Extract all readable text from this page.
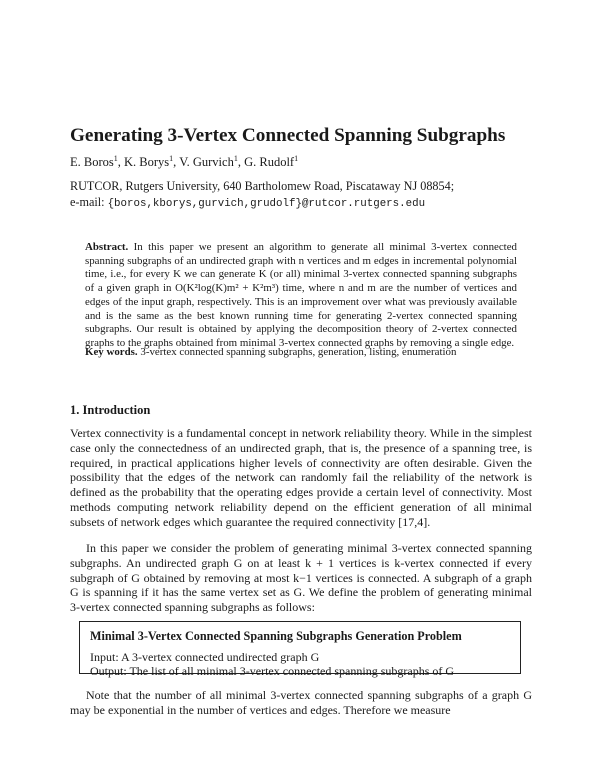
Generating 3-Vertex Connected Spanning Subgraphs
E. Boros$^1$, K. Borys$^1$, V. Gurvich$^1$, G. Rudolf$^1$
RUTCOR, Rutgers University, 640 Bartholomew Road, Piscataway NJ 08854;
e-mail: {boros,kborys,gurvich,grudolf}@rutcor.rutgers.edu
Abstract. In this paper we present an algorithm to generate all minimal 3-vertex connected spanning subgraphs of an undirected graph with n vertices and m edges in incremental polynomial time, i.e., for every K we can generate K (or all) minimal 3-vertex connected spanning subgraphs of a given graph in O(K²log(K)m² + K²m³) time, where n and m are the number of vertices and edges of the input graph, respectively. This is an improvement over what was previously available and is the same as the best known running time for generating 2-vertex connected spanning subgraphs. Our result is obtained by applying the decomposition theory of 2-vertex connected graphs to the graphs obtained from minimal 3-vertex connected graphs by removing a single edge.
Key words. 3-vertex connected spanning subgraphs, generation, listing, enumeration
1. Introduction
Vertex connectivity is a fundamental concept in network reliability theory. While in the simplest case only the connectedness of an undirected graph, that is, the presence of a spanning tree, is required, in practical applications higher levels of connectivity are often desirable. Given the possibility that the edges of the network can randomly fail the reliability of the network is defined as the probability that the operating edges provide a certain level of connectivity. Most methods computing network reliability depend on the efficient generation of all minimal subsets of network edges which guarantee the required connectivity [17,4].
In this paper we consider the problem of generating minimal 3-vertex connected spanning subgraphs. An undirected graph G on at least k + 1 vertices is k-vertex connected if every subgraph of G obtained by removing at most k−1 vertices is connected. A subgraph of a graph G is spanning if it has the same vertex set as G. We define the problem of generating minimal 3-vertex connected spanning subgraphs as follows:
Minimal 3-Vertex Connected Spanning Subgraphs Generation Problem
Input: A 3-vertex connected undirected graph G
Output: The list of all minimal 3-vertex connected spanning subgraphs of G
Note that the number of all minimal 3-vertex connected spanning subgraphs of a graph G may be exponential in the number of vertices and edges. Therefore we measure
